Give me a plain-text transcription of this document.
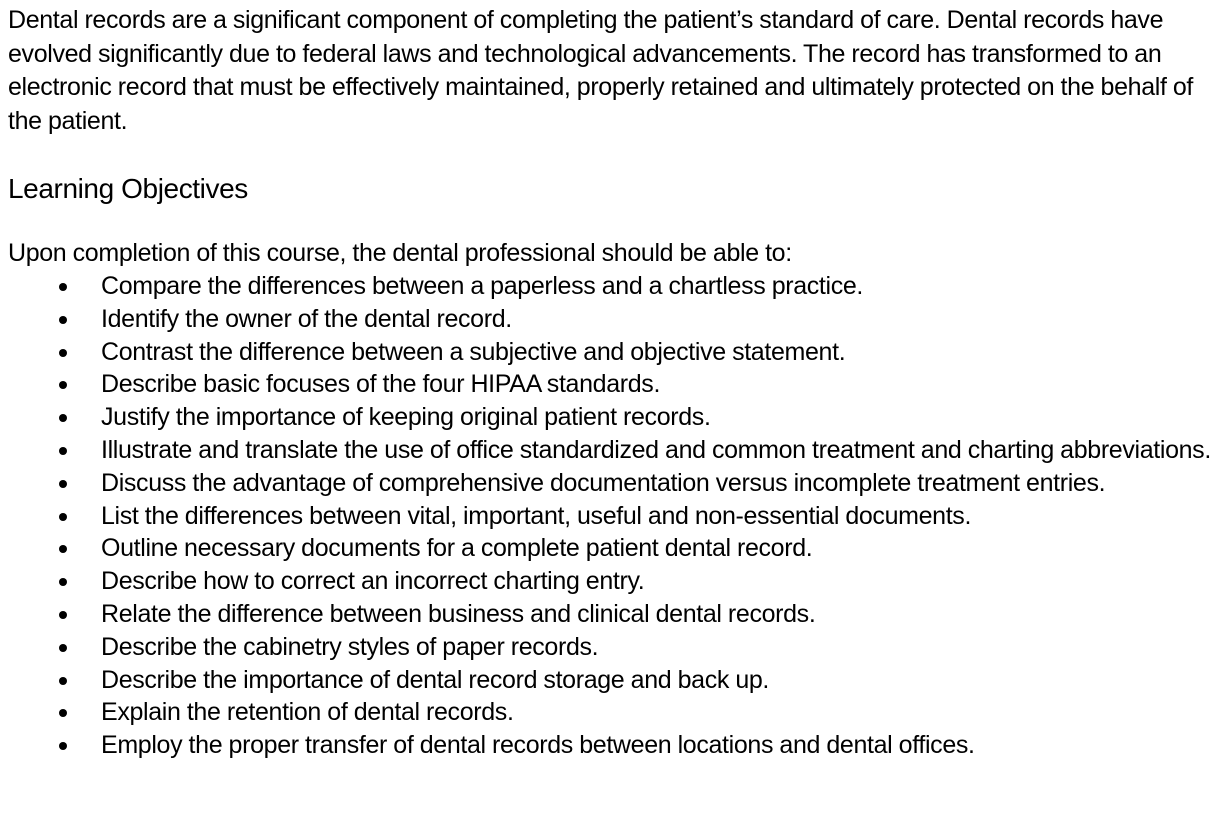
Dental records are a significant component of completing the patient’s standard of care. Dental records have evolved significantly due to federal laws and technological advancements. The record has transformed to an electronic record that must be effectively maintained, properly retained and ultimately protected on the behalf of the patient.

Learning Objectives

Upon completion of this course, the dental professional should be able to:

Compare the differences between a paperless and a chartless practice.
Identify the owner of the dental record.
Contrast the difference between a subjective and objective statement.
Describe basic focuses of the four HIPAA standards.
Justify the importance of keeping original patient records.
Illustrate and translate the use of office standardized and common treatment and charting abbreviations.
Discuss the advantage of comprehensive documentation versus incomplete treatment entries.
List the differences between vital, important, useful and non-essential documents.
Outline necessary documents for a complete patient dental record.
Describe how to correct an incorrect charting entry.
Relate the difference between business and clinical dental records.
Describe the cabinetry styles of paper records.
Describe the importance of dental record storage and back up.
Explain the retention of dental records.
Employ the proper transfer of dental records between locations and dental offices.
